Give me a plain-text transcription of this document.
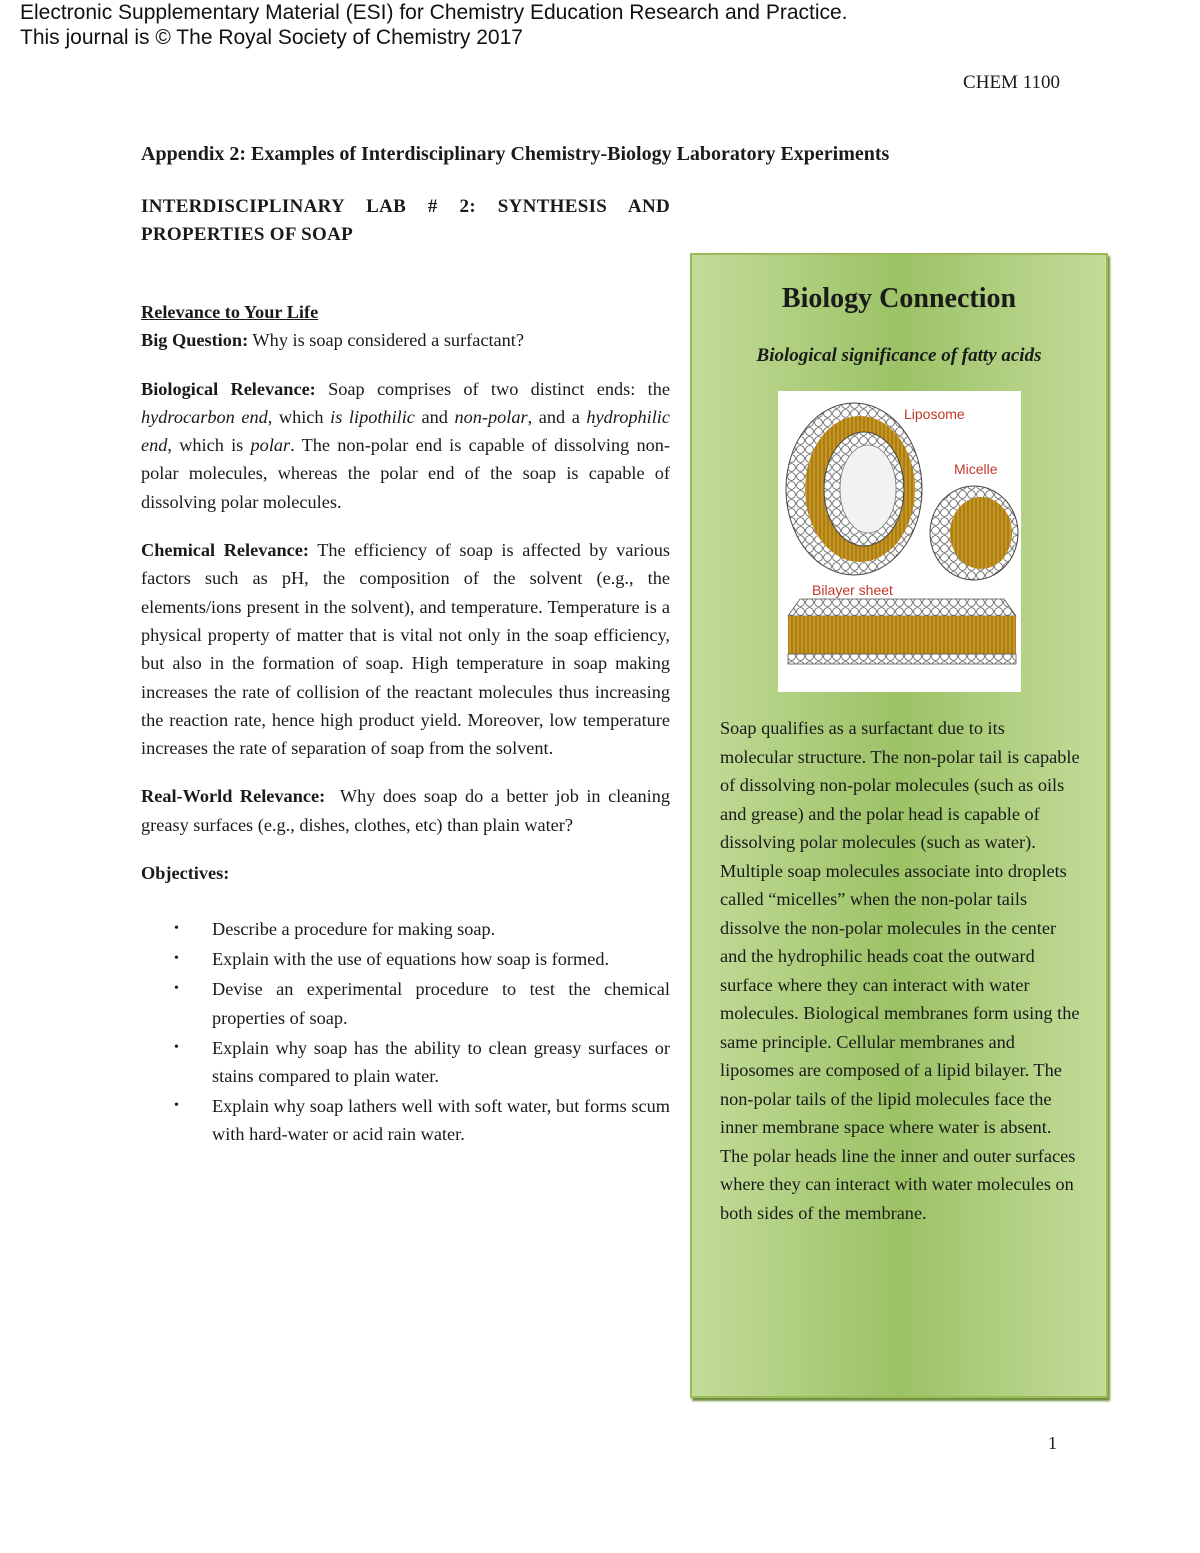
Electronic Supplementary Material (ESI) for Chemistry Education Research and Practice.
This journal is © The Royal Society of Chemistry 2017
CHEM 1100
Appendix 2: Examples of Interdisciplinary Chemistry-Biology Laboratory Experiments
INTERDISCIPLINARY LAB # 2: SYNTHESIS AND PROPERTIES OF SOAP

Relevance to Your Life

Big Question: Why is soap considered a surfactant?

Biological Relevance: Soap comprises of two distinct ends: the hydrocarbon end, which is lipothilic and non-polar, and a hydrophilic end, which is polar. The non-polar end is capable of dissolving non-polar molecules, whereas the polar end of the soap is capable of dissolving polar molecules.

Chemical Relevance: The efficiency of soap is affected by various factors such as pH, the composition of the solvent (e.g., the elements/ions present in the solvent), and temperature. Temperature is a physical property of matter that is vital not only in the soap efficiency, but also in the formation of soap. High temperature in soap making increases the rate of collision of the reactant molecules thus increasing the reaction rate, hence high product yield. Moreover, low temperature increases the rate of separation of soap from the solvent.

Real-World Relevance: Why does soap do a better job in cleaning greasy surfaces (e.g., dishes, clothes, etc) than plain water?

Objectives:

• Describe a procedure for making soap.
• Explain with the use of equations how soap is formed.
• Devise an experimental procedure to test the chemical properties of soap.
• Explain why soap has the ability to clean greasy surfaces or stains compared to plain water.
• Explain why soap lathers well with soft water, but forms scum with hard-water or acid rain water.
Biology Connection
Biological significance of fatty acids
Liposome
Micelle
Bilayer sheet
Soap qualifies as a surfactant due to its molecular structure. The non-polar tail is capable of dissolving non-polar molecules (such as oils and grease) and the polar head is capable of dissolving polar molecules (such as water). Multiple soap molecules associate into droplets called “micelles” when the non-polar tails dissolve the non-polar molecules in the center and the hydrophilic heads coat the outward surface where they can interact with water molecules. Biological membranes form using the same principle. Cellular membranes and liposomes are composed of a lipid bilayer. The non-polar tails of the lipid molecules face the inner membrane space where water is absent. The polar heads line the inner and outer surfaces where they can interact with water molecules on both sides of the membrane.
1
